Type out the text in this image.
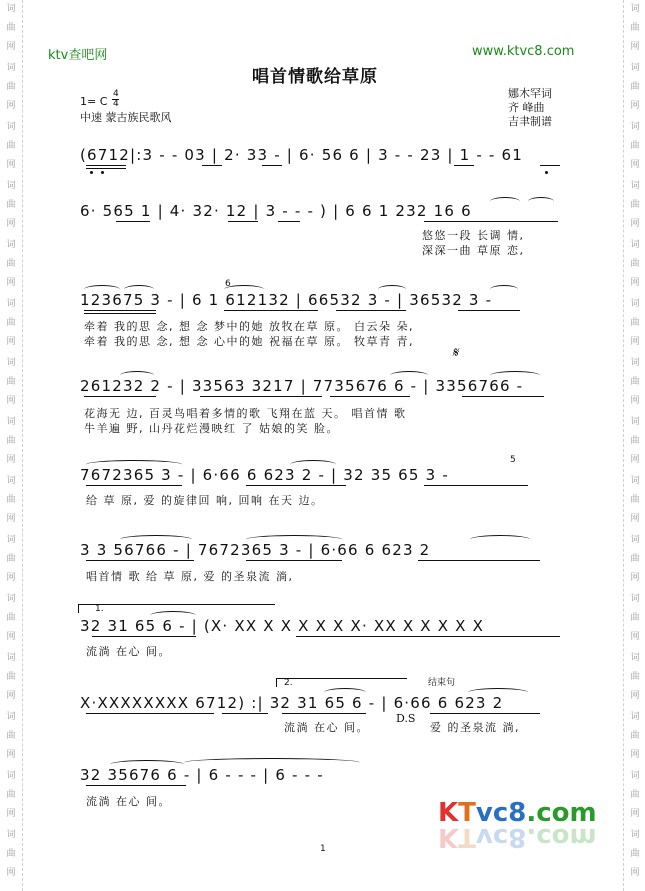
词
曲
网
词
曲
网
词
曲
网
词
曲
网
词
曲
网
词
曲
网
词
曲
网
词
曲
网
词
曲
网
词
曲
网
词
曲
网
词
曲
网
词
曲
网
词
曲
网
词
曲
网
词
曲
网
词
曲
网
词
曲
网
词
曲
网
词
曲
网
词
曲
网
词
曲
网
词
曲
网
词
曲
网
词
曲
网
词
曲
网
词
曲
网
词
曲
网
词
曲
网
词
曲
网
ktv查吧网	www.ktvc8.com
唱首情歌给草原
1= C
4
4
中速 蒙古族民歌风
娜木罕词
齐 峰曲
吉聿制谱
(6712|:3 - - 03 | 2· 33 - | 6· 56 6 | 3 - - 23 | 1 - - 61
6· 565 1 | 4· 32· 12 | 3 - - - ) | 6 6 1 232 16 6
悠悠一段 长调 情,
深深一曲 草原 恋,
123675 3 - | 6 1 612132 | 66532 3 - | 36532 3 -
6
牵着 我的思 念, 想 念 梦中的她 放牧在草 原。 白云朵 朵,
牵着 我的思 念, 想 念 心中的她 祝福在草 原。 牧草青 青,
𝄋
261232 2 - | 33563 3217 | 7735676 6 - | 3356766 -
花海无 边, 百灵鸟唱着多情的歌 飞翔在蓝 天。 唱首情 歌
牛羊遍 野, 山丹花烂漫映红 了 姑娘的笑 脸。
7672365 3 - | 6·66 6 623 2 - | 32 35 65 3 -
5
给 草 原, 爱 的旋律回 响, 回响 在天 边。
3 3 56766 - | 7672365 3 - | 6·66 6 623 2
唱首情 歌 给 草 原, 爱 的圣泉流 淌,
1.
32 31 65 6 - | (X· XX X X X X X X· XX X X X X X
流淌 在心 间。
2.	结束句
X·XXXXXXXX 6712) :| 32 31 65 6 - | 6·66 6 623 2
流淌 在心 间。
D.S
爱 的圣泉流 淌,
32 35676 6 - | 6 - - - | 6 - - -
流淌 在心 间。
1
KTvc8.com
KTvc8.com
